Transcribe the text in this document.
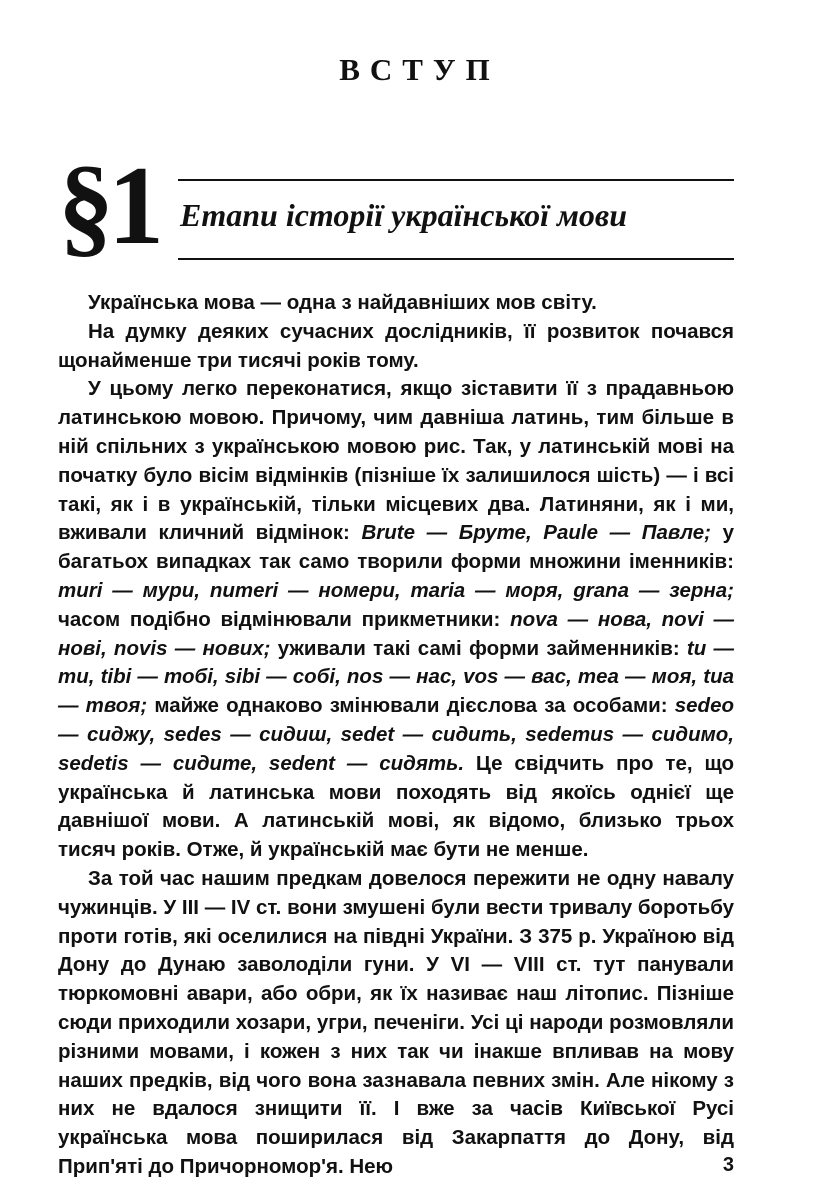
ВСТУП
§1 Етапи історії української мови

Українська мова — одна з найдавніших мов світу.

На думку деяких сучасних дослідників, її розвиток почався щонайменше три тисячі років тому.

У цьому легко переконатися, якщо зіставити її з прадавньою латинською мовою. Причому, чим давніша латинь, тим більше в ній спільних з українською мовою рис. Так, у латинській мові на початку було вісім відмінків (пізніше їх залишилося шість) — і всі такі, як і в українській, тільки місцевих два. Латиняни, як і ми, вживали кличний відмінок: Brute — Бруте, Paule — Павле; у багатьох випадках так само творили форми множини іменників: muri — мури, numeri — номери, maria — моря, grana — зерна; часом подібно відмінювали прикметники: nova — нова, novi — нові, novis — нових; уживали такі самі форми займенників: tu — ти, tibi — тобі, sibi — собі, nos — нас, vos — вас, mea — моя, tua — твоя; майже однаково змінювали дієслова за особами: sedeo — сиджу, sedes — сидиш, sedet — сидить, sedemus — сидимо, sedetis — сидите, sedent — сидять. Це свідчить про те, що українська й латинська мови походять від якоїсь однієї ще давнішої мови. А латинській мові, як відомо, близько трьох тисяч років. Отже, й українській має бути не менше.

За той час нашим предкам довелося пережити не одну навалу чужинців. У III — IV ст. вони змушені були вести тривалу боротьбу проти готів, які оселилися на півдні України. З 375 р. Україною від Дону до Дунаю заволоділи гуни. У VI — VIII ст. тут панували тюркомовні авари, або обри, як їх називає наш літопис. Пізніше сюди приходили хозари, угри, печеніги. Усі ці народи розмовляли різними мовами, і кожен з них так чи інакше впливав на мову наших предків, від чого вона зазнавала певних змін. Але нікому з них не вдалося знищити її. І вже за часів Київської Русі українська мова поширилася від Закарпаття до Дону, від Прип'яті до Причорномор'я. Нею	3
